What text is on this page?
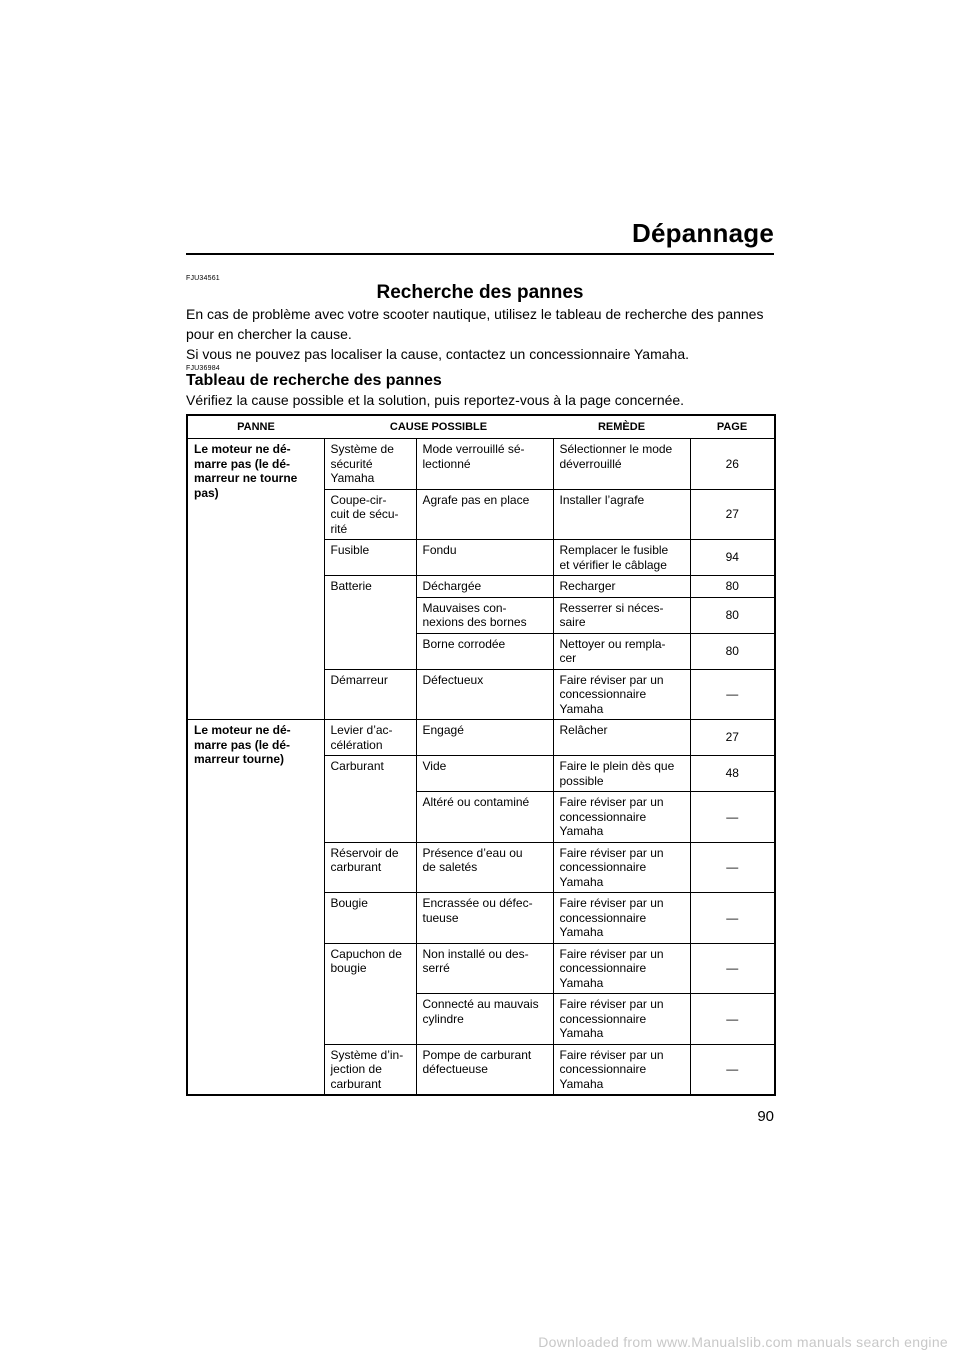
Dépannage
FJU34561
Recherche des pannes
En cas de problème avec votre scooter nautique, utilisez le tableau de recherche des pannes
pour en chercher la cause.
Si vous ne pouvez pas localiser la cause, contactez un concessionnaire Yamaha.
FJU36984
Tableau de recherche des pannes
Vérifiez la cause possible et la solution, puis reportez-vous à la page concernée.
PANNE	CAUSE POSSIBLE		REMÈDE	PAGE
Le moteur ne dé-
marre pas (le dé-
marreur ne tourne
pas)	Système de
sécurité
Yamaha	Mode verrouillé sé-
lectionné	Sélectionner le mode
déverrouillé	26
	Coupe-cir-
cuit de sécu-
rité	Agrafe pas en place	Installer l’agrafe	27
	Fusible	Fondu	Remplacer le fusible
et vérifier le câblage	94
	Batterie	Déchargée	Recharger	80
		Mauvaises con-
nexions des bornes	Resserrer si néces-
saire	80
		Borne corrodée	Nettoyer ou rempla-
cer	80
	Démarreur	Défectueux	Faire réviser par un
concessionnaire
Yamaha	—
Le moteur ne dé-
marre pas (le dé-
marreur tourne)	Levier d’ac-
célération	Engagé	Relâcher	27
	Carburant	Vide	Faire le plein dès que
possible	48
		Altéré ou contaminé	Faire réviser par un
concessionnaire
Yamaha	—
	Réservoir de
carburant	Présence d’eau ou
de saletés	Faire réviser par un
concessionnaire
Yamaha	—
	Bougie	Encrassée ou défec-
tueuse	Faire réviser par un
concessionnaire
Yamaha	—
	Capuchon de
bougie	Non installé ou des-
serré	Faire réviser par un
concessionnaire
Yamaha	—
		Connecté au mauvais
cylindre	Faire réviser par un
concessionnaire
Yamaha	—
	Système d’in-
jection de
carburant	Pompe de carburant
défectueuse	Faire réviser par un
concessionnaire
Yamaha	—
90
Downloaded from www.Manualslib.com manuals search engine
